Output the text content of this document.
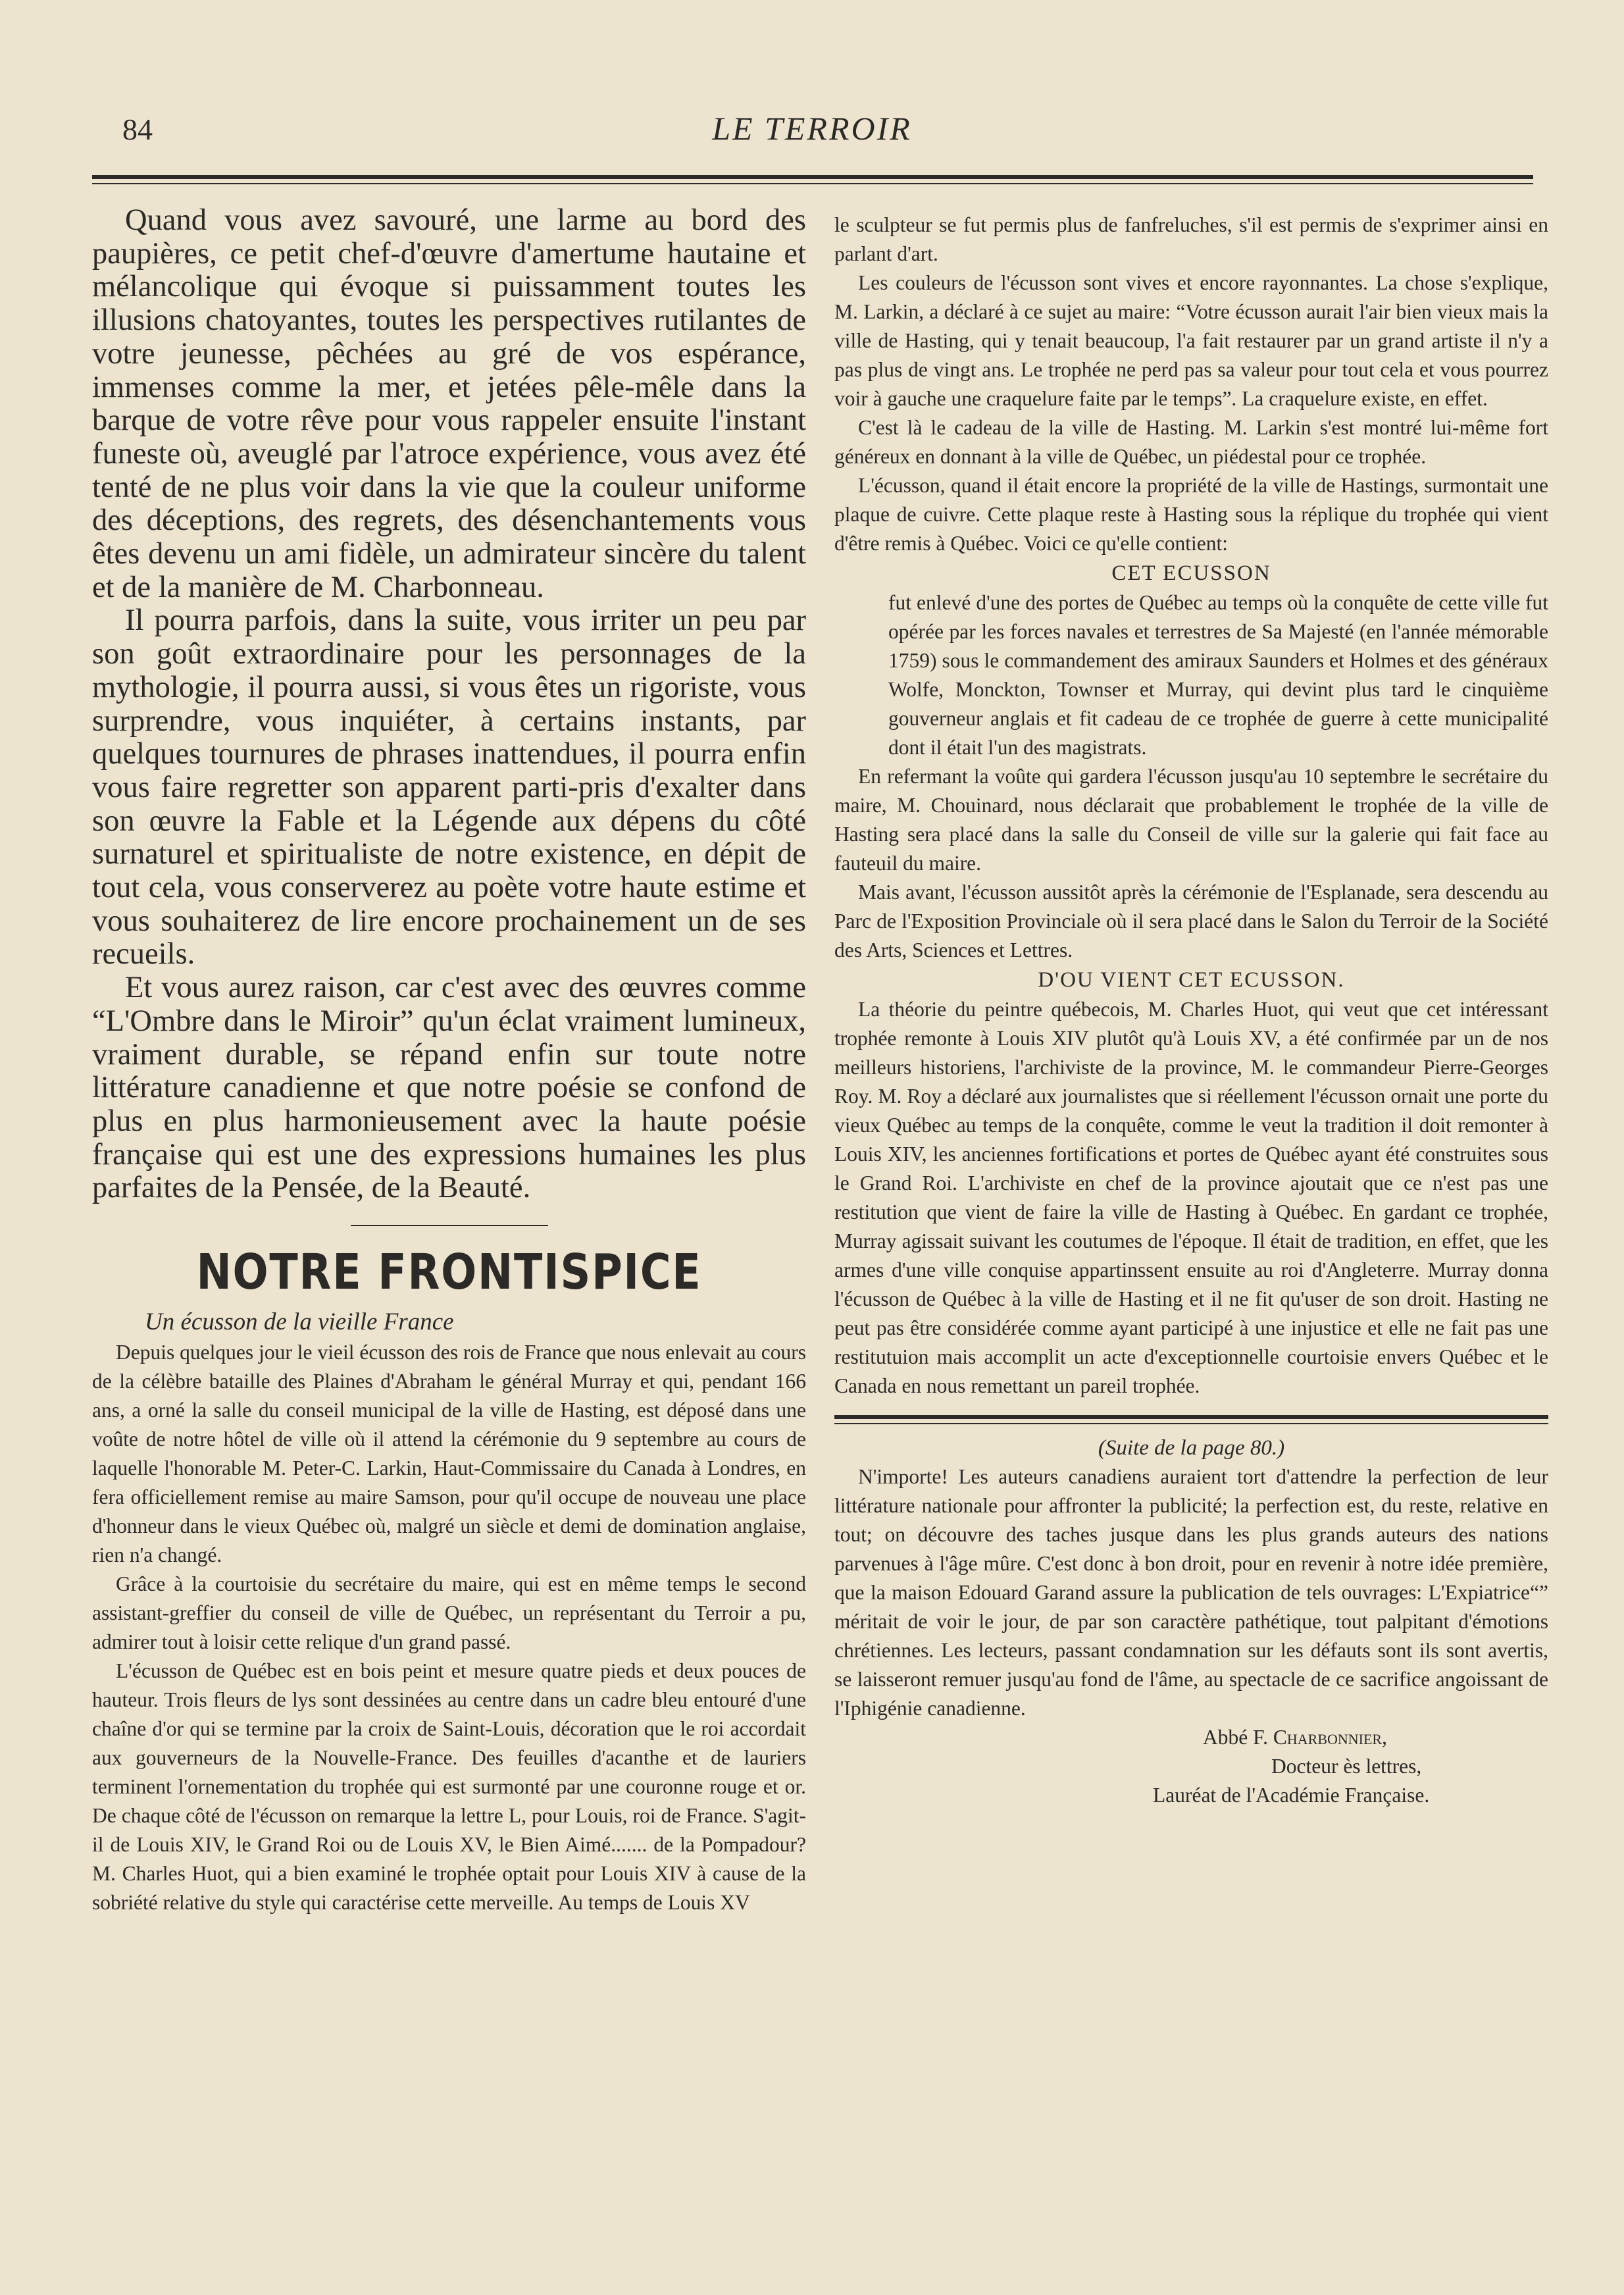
84	LE TERROIR

Quand vous avez savouré, une larme au bord des paupières, ce petit chef-d'œuvre d'amertume hautaine et mélancolique qui évoque si puissamment toutes les illusions chatoyantes, toutes les perspectives rutilantes de votre jeunesse, pêchées au gré de vos espérance, immenses comme la mer, et jetées pêle-mêle dans la barque de votre rêve pour vous rappeler ensuite l'instant funeste où, aveuglé par l'atroce expérience, vous avez été tenté de ne plus voir dans la vie que la couleur uniforme des déceptions, des regrets, des désenchantements vous êtes devenu un ami fidèle, un admirateur sincère du talent et de la manière de M. Charbonneau.

Il pourra parfois, dans la suite, vous irriter un peu par son goût extraordinaire pour les personnages de la mythologie, il pourra aussi, si vous êtes un rigoriste, vous surprendre, vous inquiéter, à certains instants, par quelques tournures de phrases inattendues, il pourra enfin vous faire regretter son apparent parti-pris d'exalter dans son œuvre la Fable et la Légende aux dépens du côté surnaturel et spiritualiste de notre existence, en dépit de tout cela, vous conserverez au poète votre haute estime et vous souhaiterez de lire encore prochainement un de ses recueils.

Et vous aurez raison, car c'est avec des œuvres comme “L'Ombre dans le Miroir” qu'un éclat vraiment lumineux, vraiment durable, se répand enfin sur toute notre littérature canadienne et que notre poésie se confond de plus en plus harmonieusement avec la haute poésie française qui est une des expressions humaines les plus parfaites de la Pensée, de la Beauté.

NOTRE FRONTISPICE
Un écusson de la vieille France

Depuis quelques jour le vieil écusson des rois de France que nous enlevait au cours de la célèbre bataille des Plaines d'Abraham le général Murray et qui, pendant 166 ans, a orné la salle du conseil municipal de la ville de Hasting, est déposé dans une voûte de notre hôtel de ville où il attend la cérémonie du 9 septembre au cours de laquelle l'honorable M. Peter-C. Larkin, Haut-Commissaire du Canada à Londres, en fera officiellement remise au maire Samson, pour qu'il occupe de nouveau une place d'honneur dans le vieux Québec où, malgré un siècle et demi de domination anglaise, rien n'a changé.

Grâce à la courtoisie du secrétaire du maire, qui est en même temps le second assistant-greffier du conseil de ville de Québec, un représentant du Terroir a pu, admirer tout à loisir cette relique d'un grand passé.

L'écusson de Québec est en bois peint et mesure quatre pieds et deux pouces de hauteur. Trois fleurs de lys sont dessinées au centre dans un cadre bleu entouré d'une chaîne d'or qui se termine par la croix de Saint-Louis, décoration que le roi accordait aux gouverneurs de la Nouvelle-France. Des feuilles d'acanthe et de lauriers terminent l'ornementation du trophée qui est surmonté par une couronne rouge et or. De chaque côté de l'écusson on remarque la lettre L, pour Louis, roi de France. S'agit-il de Louis XIV, le Grand Roi ou de Louis XV, le Bien Aimé....... de la Pompadour? M. Charles Huot, qui a bien examiné le trophée optait pour Louis XIV à cause de la sobriété relative du style qui caractérise cette merveille. Au temps de Louis XV

le sculpteur se fut permis plus de fanfreluches, s'il est permis de s'exprimer ainsi en parlant d'art.

Les couleurs de l'écusson sont vives et encore rayonnantes. La chose s'explique, M. Larkin, a déclaré à ce sujet au maire: “Votre écusson aurait l'air bien vieux mais la ville de Hasting, qui y tenait beaucoup, l'a fait restaurer par un grand artiste il n'y a pas plus de vingt ans. Le trophée ne perd pas sa valeur pour tout cela et vous pourrez voir à gauche une craquelure faite par le temps”. La craquelure existe, en effet.

C'est là le cadeau de la ville de Hasting. M. Larkin s'est montré lui-même fort généreux en donnant à la ville de Québec, un piédestal pour ce trophée.

L'écusson, quand il était encore la propriété de la ville de Hastings, surmontait une plaque de cuivre. Cette plaque reste à Hasting sous la réplique du trophée qui vient d'être remis à Québec. Voici ce qu'elle contient:

CET ECUSSON

fut enlevé d'une des portes de Québec au temps où la conquête de cette ville fut opérée par les forces navales et terrestres de Sa Majesté (en l'année mémorable 1759) sous le commandement des amiraux Saunders et Holmes et des généraux Wolfe, Monckton, Townser et Murray, qui devint plus tard le cinquième gouverneur anglais et fit cadeau de ce trophée de guerre à cette municipalité dont il était l'un des magistrats.

En refermant la voûte qui gardera l'écusson jusqu'au 10 septembre le secrétaire du maire, M. Chouinard, nous déclarait que probablement le trophée de la ville de Hasting sera placé dans la salle du Conseil de ville sur la galerie qui fait face au fauteuil du maire.

Mais avant, l'écusson aussitôt après la cérémonie de l'Esplanade, sera descendu au Parc de l'Exposition Provinciale où il sera placé dans le Salon du Terroir de la Société des Arts, Sciences et Lettres.

D'OU VIENT CET ECUSSON.

La théorie du peintre québecois, M. Charles Huot, qui veut que cet intéressant trophée remonte à Louis XIV plutôt qu'à Louis XV, a été confirmée par un de nos meilleurs historiens, l'archiviste de la province, M. le commandeur Pierre-Georges Roy. M. Roy a déclaré aux journalistes que si réellement l'écusson ornait une porte du vieux Québec au temps de la conquête, comme le veut la tradition il doit remonter à Louis XIV, les anciennes fortifications et portes de Québec ayant été construites sous le Grand Roi. L'archiviste en chef de la province ajoutait que ce n'est pas une restitution que vient de faire la ville de Hasting à Québec. En gardant ce trophée, Murray agissait suivant les coutumes de l'époque. Il était de tradition, en effet, que les armes d'une ville conquise appartinssent ensuite au roi d'Angleterre. Murray donna l'écusson de Québec à la ville de Hasting et il ne fit qu'user de son droit. Hasting ne peut pas être considérée comme ayant participé à une injustice et elle ne fait pas une restitutuion mais accomplit un acte d'exceptionnelle courtoisie envers Québec et le Canada en nous remettant un pareil trophée.

(Suite de la page 80.)

N'importe! Les auteurs canadiens auraient tort d'attendre la perfection de leur littérature nationale pour affronter la publicité; la perfection est, du reste, relative en tout; on découvre des taches jusque dans les plus grands auteurs des nations parvenues à l'âge mûre. C'est donc à bon droit, pour en revenir à notre idée première, que la maison Edouard Garand assure la publication de tels ouvrages: L'Expiatrice“” méritait de voir le jour, de par son caractère pathétique, tout palpitant d'émotions chrétiennes. Les lecteurs, passant condamnation sur les défauts sont ils sont avertis, se laisseront remuer jusqu'au fond de l'âme, au spectacle de ce sacrifice angoissant de l'Iphigénie canadienne.

Abbé F. Charbonnier,
Docteur ès lettres,
Lauréat de l'Académie Française.
